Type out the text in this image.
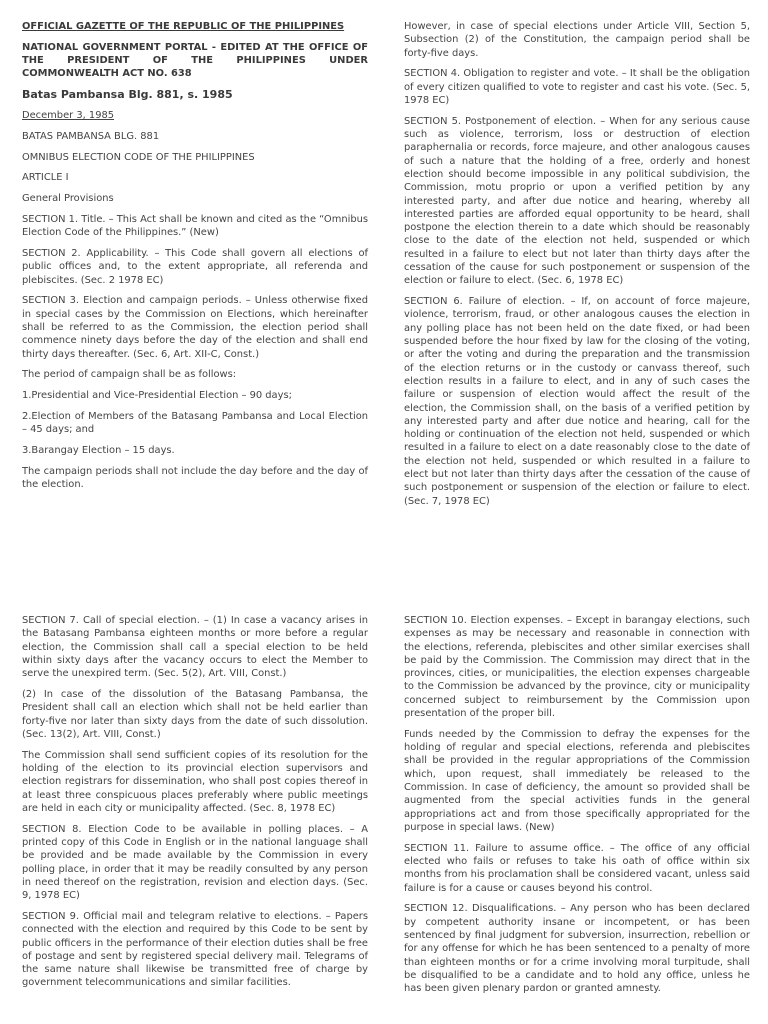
OFFICIAL GAZETTE OF THE REPUBLIC OF THE PHILIPPINES

NATIONAL GOVERNMENT PORTAL - EDITED AT THE OFFICE OF THE PRESIDENT OF THE PHILIPPINES UNDER COMMONWEALTH ACT NO. 638

Batas Pambansa Blg. 881, s. 1985

December 3, 1985

BATAS PAMBANSA BLG. 881

OMNIBUS ELECTION CODE OF THE PHILIPPINES

ARTICLE I

General Provisions

SECTION 1. Title. – This Act shall be known and cited as the “Omnibus Election Code of the Philippines.” (New)

SECTION 2. Applicability. – This Code shall govern all elections of public offices and, to the extent appropriate, all referenda and plebiscites. (Sec. 2 1978 EC)

SECTION 3. Election and campaign periods. – Unless otherwise fixed in special cases by the Commission on Elections, which hereinafter shall be referred to as the Commission, the election period shall commence ninety days before the day of the election and shall end thirty days thereafter. (Sec. 6, Art. XII-C, Const.)

The period of campaign shall be as follows:

1.Presidential and Vice-Presidential Election – 90 days;

2.Election of Members of the Batasang Pambansa and Local Election – 45 days; and

3.Barangay Election – 15 days.

The campaign periods shall not include the day before and the day of the election.

However, in case of special elections under Article VIII, Section 5, Subsection (2) of the Constitution, the campaign period shall be forty-five days.

SECTION 4. Obligation to register and vote. – It shall be the obligation of every citizen qualified to vote to register and cast his vote. (Sec. 5, 1978 EC)

SECTION 5. Postponement of election. – When for any serious cause such as violence, terrorism, loss or destruction of election paraphernalia or records, force majeure, and other analogous causes of such a nature that the holding of a free, orderly and honest election should become impossible in any political subdivision, the Commission, motu proprio or upon a verified petition by any interested party, and after due notice and hearing, whereby all interested parties are afforded equal opportunity to be heard, shall postpone the election therein to a date which should be reasonably close to the date of the election not held, suspended or which resulted in a failure to elect but not later than thirty days after the cessation of the cause for such postponement or suspension of the election or failure to elect. (Sec. 6, 1978 EC)

SECTION 6. Failure of election. – If, on account of force majeure, violence, terrorism, fraud, or other analogous causes the election in any polling place has not been held on the date fixed, or had been suspended before the hour fixed by law for the closing of the voting, or after the voting and during the preparation and the transmission of the election returns or in the custody or canvass thereof, such election results in a failure to elect, and in any of such cases the failure or suspension of election would affect the result of the election, the Commission shall, on the basis of a verified petition by any interested party and after due notice and hearing, call for the holding or continuation of the election not held, suspended or which resulted in a failure to elect on a date reasonably close to the date of the election not held, suspended or which resulted in a failure to elect but not later than thirty days after the cessation of the cause of such postponement or suspension of the election or failure to elect. (Sec. 7, 1978 EC)

SECTION 7. Call of special election. – (1) In case a vacancy arises in the Batasang Pambansa eighteen months or more before a regular election, the Commission shall call a special election to be held within sixty days after the vacancy occurs to elect the Member to serve the unexpired term. (Sec. 5(2), Art. VIII, Const.)

(2) In case of the dissolution of the Batasang Pambansa, the President shall call an election which shall not be held earlier than forty-five nor later than sixty days from the date of such dissolution. (Sec. 13(2), Art. VIII, Const.)

The Commission shall send sufficient copies of its resolution for the holding of the election to its provincial election supervisors and election registrars for dissemination, who shall post copies thereof in at least three conspicuous places preferably where public meetings are held in each city or municipality affected. (Sec. 8, 1978 EC)

SECTION 8. Election Code to be available in polling places. – A printed copy of this Code in English or in the national language shall be provided and be made available by the Commission in every polling place, in order that it may be readily consulted by any person in need thereof on the registration, revision and election days. (Sec. 9, 1978 EC)

SECTION 9. Official mail and telegram relative to elections. – Papers connected with the election and required by this Code to be sent by public officers in the performance of their election duties shall be free of postage and sent by registered special delivery mail. Telegrams of the same nature shall likewise be transmitted free of charge by government telecommunications and similar facilities.

SECTION 10. Election expenses. – Except in barangay elections, such expenses as may be necessary and reasonable in connection with the elections, referenda, plebiscites and other similar exercises shall be paid by the Commission. The Commission may direct that in the provinces, cities, or municipalities, the election expenses chargeable to the Commission be advanced by the province, city or municipality concerned subject to reimbursement by the Commission upon presentation of the proper bill.

Funds needed by the Commission to defray the expenses for the holding of regular and special elections, referenda and plebiscites shall be provided in the regular appropriations of the Commission which, upon request, shall immediately be released to the Commission. In case of deficiency, the amount so provided shall be augmented from the special activities funds in the general appropriations act and from those specifically appropriated for the purpose in special laws. (New)

SECTION 11. Failure to assume office. – The office of any official elected who fails or refuses to take his oath of office within six months from his proclamation shall be considered vacant, unless said failure is for a cause or causes beyond his control.

SECTION 12. Disqualifications. – Any person who has been declared by competent authority insane or incompetent, or has been sentenced by final judgment for subversion, insurrection, rebellion or for any offense for which he has been sentenced to a penalty of more than eighteen months or for a crime involving moral turpitude, shall be disqualified to be a candidate and to hold any office, unless he has been given plenary pardon or granted amnesty.
